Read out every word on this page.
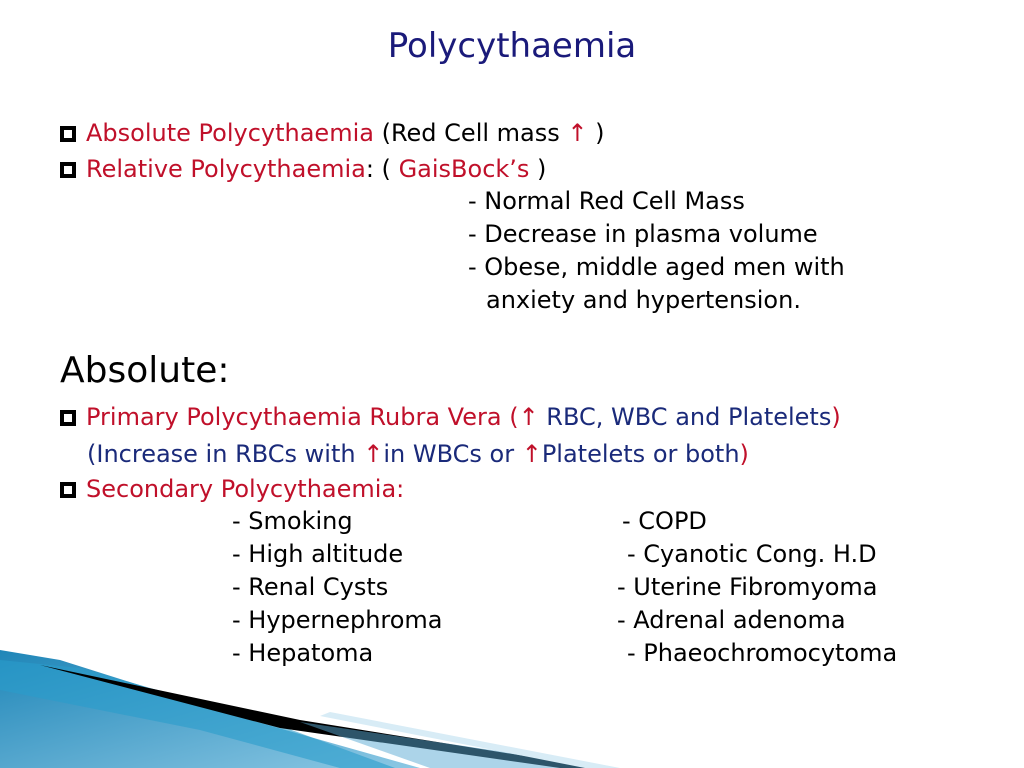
Polycythaemia
Absolute Polycythaemia (Red Cell mass ↑ )
Relative Polycythaemia: ( GaisBock’s )
- Normal Red Cell Mass
- Decrease in plasma volume
- Obese, middle aged men with
anxiety and hypertension.
Absolute:
Primary Polycythaemia Rubra Vera (↑ RBC, WBC and Platelets)
(Increase in RBCs with ↑in WBCs or ↑Platelets or both)
Secondary Polycythaemia:
- Smoking
- High altitude
- Renal Cysts
- Hypernephroma
- Hepatoma
- COPD
- Cyanotic Cong. H.D
- Uterine Fibromyoma
- Adrenal adenoma
- Phaeochromocytoma
